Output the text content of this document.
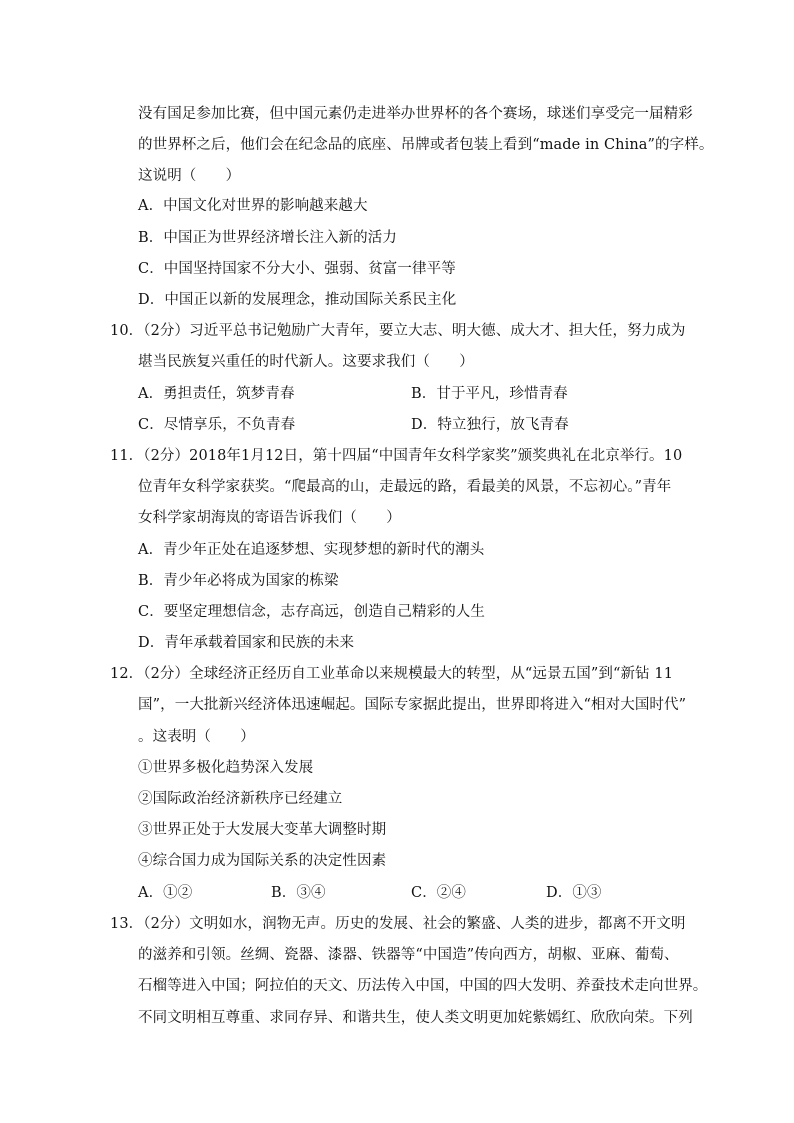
没有国足参加比赛，但中国元素仍走进举办世界杯的各个赛场，球迷们享受完一届精彩
的世界杯之后，他们会在纪念品的底座、吊牌或者包装上看到“made in China”的字样。
这说明（　　）
A．中国文化对世界的影响越来越大
B．中国正为世界经济增长注入新的活力
C．中国坚持国家不分大小、强弱、贫富一律平等
D．中国正以新的发展理念，推动国际关系民主化
10．（2分）习近平总书记勉励广大青年，要立大志、明大德、成大才、担大任，努力成为
堪当民族复兴重任的时代新人。这要求我们（　　）
A．勇担责任，筑梦青春	B．甘于平凡，珍惜青春
C．尽情享乐，不负青春	D．特立独行，放飞青春
11．（2分）2018年1月12日，第十四届“中国青年女科学家奖”颁奖典礼在北京举行。10
位青年女科学家获奖。“爬最高的山，走最远的路，看最美的风景，不忘初心。”青年
女科学家胡海岚的寄语告诉我们（　　）
A．青少年正处在追逐梦想、实现梦想的新时代的潮头
B．青少年必将成为国家的栋梁
C．要坚定理想信念，志存高远，创造自己精彩的人生
D．青年承载着国家和民族的未来
12．（2分）全球经济正经历自工业革命以来规模最大的转型，从“远景五国”到“新钻 11
国”，一大批新兴经济体迅速崛起。国际专家据此提出，世界即将进入“相对大国时代”
。这表明（　　）
①世界多极化趋势深入发展
②国际政治经济新秩序已经建立
③世界正处于大发展大变革大调整时期
④综合国力成为国际关系的决定性因素
A．①②	B．③④	C．②④	D．①③
13．（2分）文明如水，润物无声。历史的发展、社会的繁盛、人类的进步，都离不开文明
的滋养和引领。丝绸、瓷器、漆器、铁器等“中国造”传向西方，胡椒、亚麻、葡萄、
石榴等进入中国；阿拉伯的天文、历法传入中国，中国的四大发明、养蚕技术走向世界。
不同文明相互尊重、求同存异、和谐共生，使人类文明更加姹紫嫣红、欣欣向荣。下列
